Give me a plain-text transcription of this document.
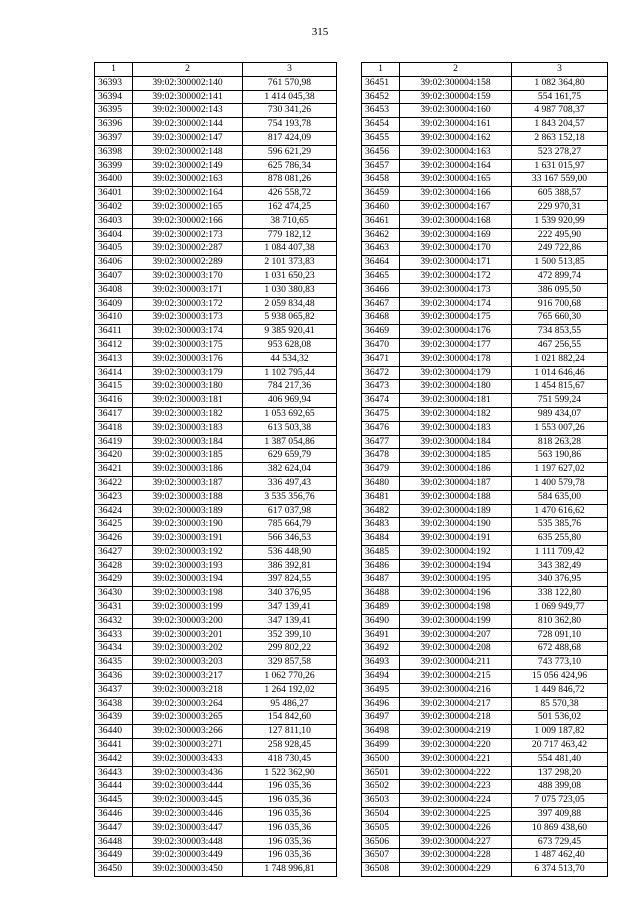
315
1	2	3
36393	39:02:300002:140	761 570,98
36394	39:02:300002:141	1 414 045,38
36395	39:02:300002:143	730 341,26
36396	39:02:300002:144	754 193,78
36397	39:02:300002:147	817 424,09
36398	39:02:300002:148	596 621,29
36399	39:02:300002:149	625 786,34
36400	39:02:300002:163	878 081,26
36401	39:02:300002:164	426 558,72
36402	39:02:300002:165	162 474,25
36403	39:02:300002:166	38 710,65
36404	39:02:300002:173	779 182,12
36405	39:02:300002:287	1 084 407,38
36406	39:02:300002:289	2 101 373,83
36407	39:02:300003:170	1 031 650,23
36408	39:02:300003:171	1 030 380,83
36409	39:02:300003:172	2 059 834,48
36410	39:02:300003:173	5 938 065,82
36411	39:02:300003:174	9 385 920,41
36412	39:02:300003:175	953 628,08
36413	39:02:300003:176	44 534,32
36414	39:02:300003:179	1 102 795,44
36415	39:02:300003:180	784 217,36
36416	39:02:300003:181	406 969,94
36417	39:02:300003:182	1 053 692,65
36418	39:02:300003:183	613 503,38
36419	39:02:300003:184	1 387 054,86
36420	39:02:300003:185	629 659,79
36421	39:02:300003:186	382 624,04
36422	39:02:300003:187	336 497,43
36423	39:02:300003:188	3 535 356,76
36424	39:02:300003:189	617 037,98
36425	39:02:300003:190	785 664,79
36426	39:02:300003:191	566 346,53
36427	39:02:300003:192	536 448,90
36428	39:02:300003:193	386 392,81
36429	39:02:300003:194	397 824,55
36430	39:02:300003:198	340 376,95
36431	39:02:300003:199	347 139,41
36432	39:02:300003:200	347 139,41
36433	39:02:300003:201	352 399,10
36434	39:02:300003:202	299 802,22
36435	39:02:300003:203	329 857,58
36436	39:02:300003:217	1 062 770,26
36437	39:02:300003:218	1 264 192,02
36438	39:02:300003:264	95 486,27
36439	39:02:300003:265	154 842,60
36440	39:02:300003:266	127 811,10
36441	39:02:300003:271	258 928,45
36442	39:02:300003:433	418 730,45
36443	39:02:300003:436	1 522 362,90
36444	39:02:300003:444	196 035,36
36445	39:02:300003:445	196 035,36
36446	39:02:300003:446	196 035,36
36447	39:02:300003:447	196 035,36
36448	39:02:300003:448	196 035,36
36449	39:02:300003:449	196 035,36
36450	39:02:300003:450	1 748 996,81
1	2	3
36451	39:02:300004:158	1 082 364,80
36452	39:02:300004:159	554 161,75
36453	39:02:300004:160	4 987 708,37
36454	39:02:300004:161	1 843 204,57
36455	39:02:300004:162	2 863 152,18
36456	39:02:300004:163	523 278,27
36457	39:02:300004:164	1 631 015,97
36458	39:02:300004:165	33 167 559,00
36459	39:02:300004:166	605 388,57
36460	39:02:300004:167	229 970,31
36461	39:02:300004:168	1 539 920,99
36462	39:02:300004:169	222 495,90
36463	39:02:300004:170	249 722,86
36464	39:02:300004:171	1 500 513,85
36465	39:02:300004:172	472 899,74
36466	39:02:300004:173	386 095,50
36467	39:02:300004:174	916 700,68
36468	39:02:300004:175	765 660,30
36469	39:02:300004:176	734 853,55
36470	39:02:300004:177	467 256,55
36471	39:02:300004:178	1 021 882,24
36472	39:02:300004:179	1 014 646,46
36473	39:02:300004:180	1 454 815,67
36474	39:02:300004:181	751 599,24
36475	39:02:300004:182	989 434,07
36476	39:02:300004:183	1 553 007,26
36477	39:02:300004:184	818 263,28
36478	39:02:300004:185	563 190,86
36479	39:02:300004:186	1 197 627,02
36480	39:02:300004:187	1 400 579,78
36481	39:02:300004:188	584 635,00
36482	39:02:300004:189	1 470 616,62
36483	39:02:300004:190	535 385,76
36484	39:02:300004:191	635 255,80
36485	39:02:300004:192	1 111 709,42
36486	39:02:300004:194	343 382,49
36487	39:02:300004:195	340 376,95
36488	39:02:300004:196	338 122,80
36489	39:02:300004:198	1 069 949,77
36490	39:02:300004:199	810 362,80
36491	39:02:300004:207	728 091,10
36492	39:02:300004:208	672 488,68
36493	39:02:300004:211	743 773,10
36494	39:02:300004:215	15 056 424,96
36495	39:02:300004:216	1 449 846,72
36496	39:02:300004:217	85 570,38
36497	39:02:300004:218	501 536,02
36498	39:02:300004:219	1 009 187,82
36499	39:02:300004:220	20 717 463,42
36500	39:02:300004:221	554 481,40
36501	39:02:300004:222	137 298,20
36502	39:02:300004:223	488 399,08
36503	39:02:300004:224	7 075 723,05
36504	39:02:300004:225	397 409,88
36505	39:02:300004:226	10 869 438,60
36506	39:02:300004:227	673 729,45
36507	39:02:300004:228	1 487 462,40
36508	39:02:300004:229	6 374 513,70
